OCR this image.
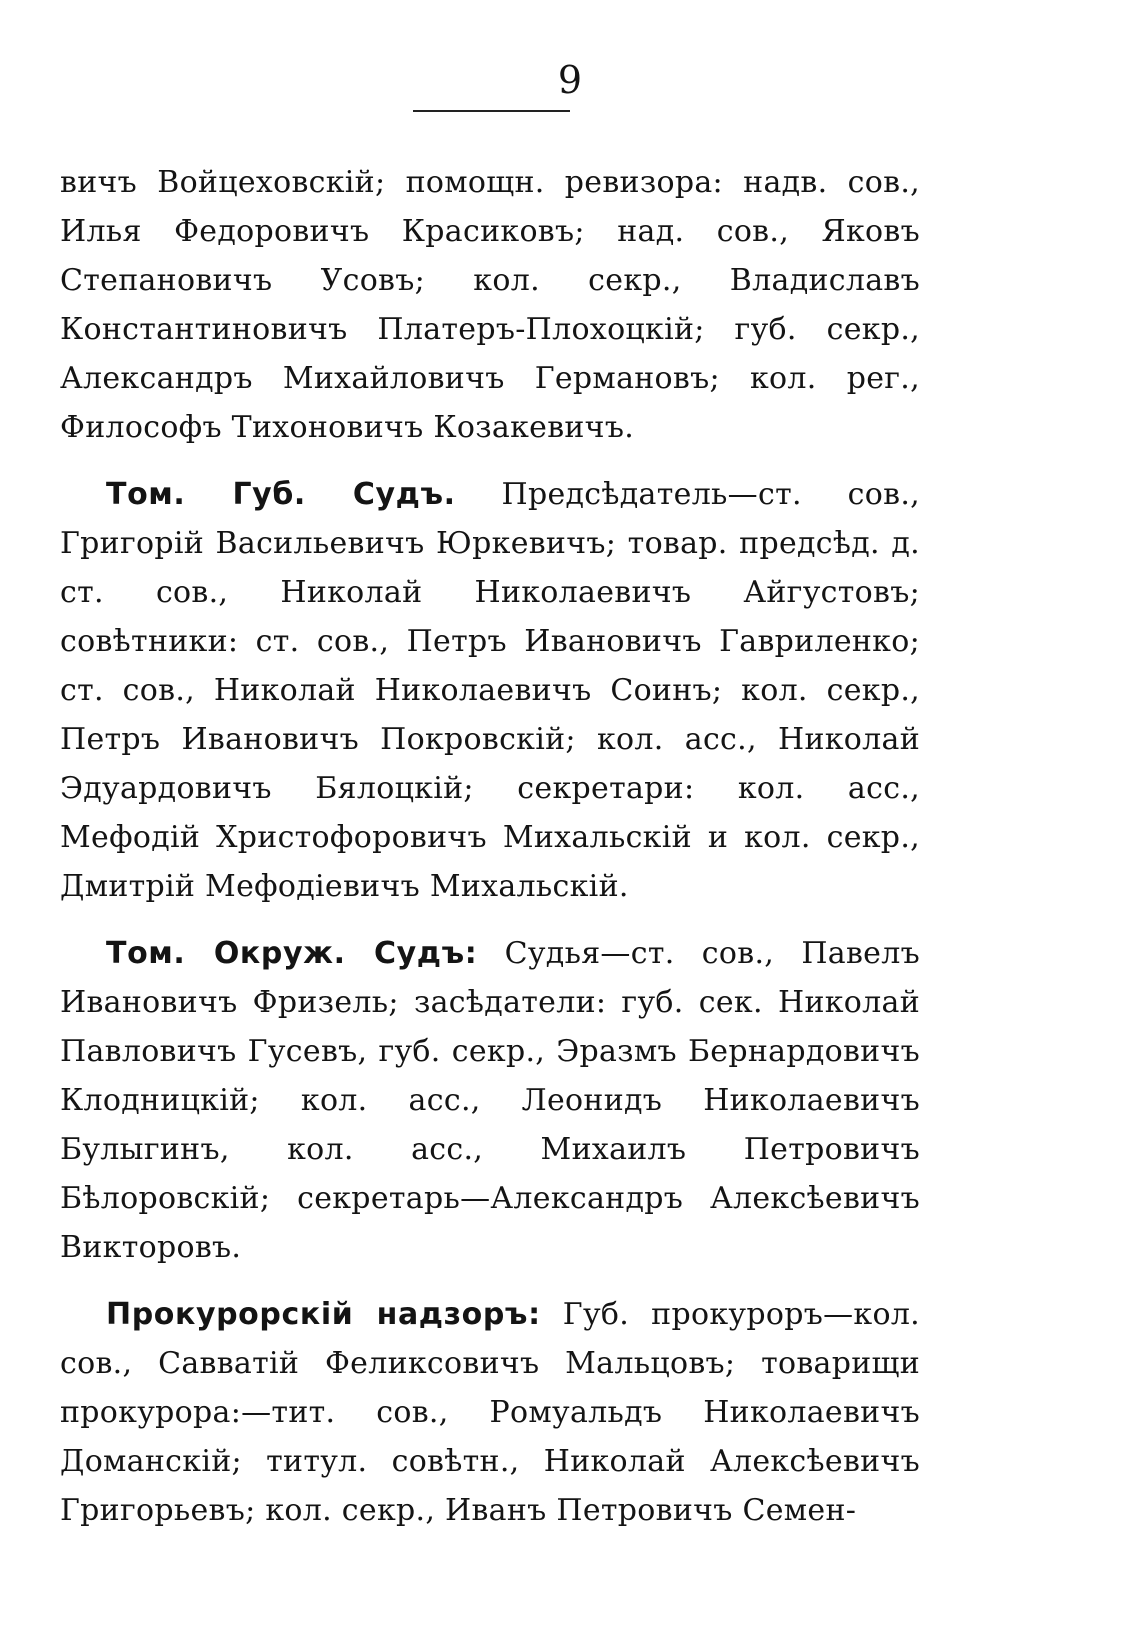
9

вичъ Войцеховскій; помощн. ревизора: надв. сов., Илья Федоровичъ Красиковъ; над. сов., Яковъ Степановичъ Усовъ; кол. секр., Владиславъ Константиновичъ Платеръ-Плохоцкій; губ. секр., Александръ Михайловичъ Германовъ; кол. рег., Философъ Тихоновичъ Козакевичъ.

Том. Губ. Судъ. Предсѣдатель—ст. сов., Григорій Васильевичъ Юркевичъ; товар. предсѣд. д. ст. сов., Николай Николаевичъ Айгустовъ; совѣтники: ст. сов., Петръ Ивановичъ Гавриленко; ст. сов., Николай Николаевичъ Соинъ; кол. секр., Петръ Ивановичъ Покровскій; кол. асс., Николай Эдуардовичъ Бялоцкій; секретари: кол. асс., Мефодій Христофоровичъ Михальскій и кол. секр., Дмитрій Мефодіевичъ Михальскій.

Том. Окруж. Судъ: Судья—ст. сов., Павелъ Ивановичъ Фризель; засѣдатели: губ. сек. Николай Павловичъ Гусевъ, губ. секр., Эразмъ Бернардовичъ Клодницкій; кол. асс., Леонидъ Николаевичъ Булыгинъ, кол. асс., Михаилъ Петровичъ Бѣлоровскій; секретарь—Александръ Алексѣевичъ Викторовъ.

Прокурорскій надзоръ: Губ. прокуроръ—кол. сов., Савватій Феликсовичъ Мальцовъ; товарищи прокурора:—тит. сов., Ромуальдъ Николаевичъ Доманскій; титул. совѣтн., Николай Алексѣевичъ Григорьевъ; кол. секр., Иванъ Петровичъ Семен-
